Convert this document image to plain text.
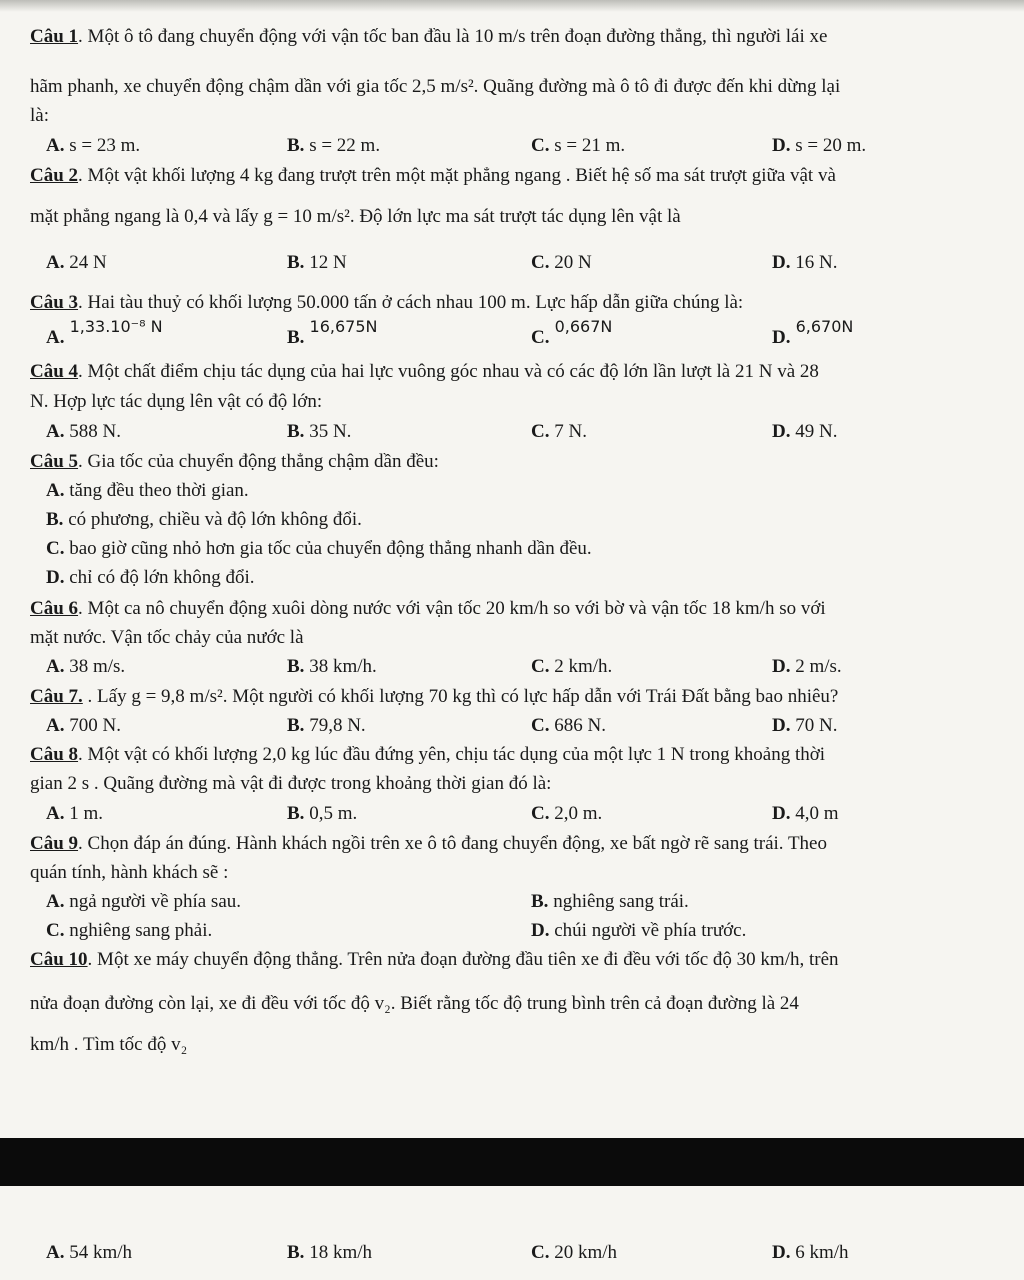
Câu 1. Một ô tô đang chuyển động với vận tốc ban đầu là 10 m/s trên đoạn đường thẳng, thì người lái xe
hãm phanh, xe chuyển động chậm dần với gia tốc 2,5 m/s². Quãng đường mà ô tô đi được đến khi dừng lại
là:
A. s = 23 m.	B. s = 22 m.	C. s = 21 m.	D. s = 20 m.
Câu 2. Một vật khối lượng 4 kg đang trượt trên một mặt phẳng ngang . Biết hệ số ma sát trượt giữa vật và
mặt phẳng ngang là 0,4 và lấy g = 10 m/s². Độ lớn lực ma sát trượt tác dụng lên vật là
A. 24 N	B. 12 N	C. 20 N	D. 16 N.
Câu 3. Hai tàu thuỷ có khối lượng 50.000 tấn ở cách nhau 100 m. Lực hấp dẫn giữa chúng là:
A. $^{1,33.10^{-8} N}$
B. $^{16,675N}$
C. $^{0,667N}$
D. $^{6,670N}$
Câu 4. Một chất điểm chịu tác dụng của hai lực vuông góc nhau và có các độ lớn lần lượt là 21 N và 28
N. Hợp lực tác dụng lên vật có độ lớn:
A. 588 N.	B. 35 N.	C. 7 N.	D. 49 N.
Câu 5. Gia tốc của chuyển động thẳng chậm dần đều:
A. tăng đều theo thời gian.
B. có phương, chiều và độ lớn không đổi.
C. bao giờ cũng nhỏ hơn gia tốc của chuyển động thẳng nhanh dần đều.
D. chỉ có độ lớn không đổi.
Câu 6. Một ca nô chuyển động xuôi dòng nước với vận tốc 20 km/h so với bờ và vận tốc 18 km/h so với
mặt nước. Vận tốc chảy của nước là
A. 38 m/s.	B. 38 km/h.	C. 2 km/h.	D. 2 m/s.
Câu 7. . Lấy g = 9,8 m/s². Một người có khối lượng 70 kg thì có lực hấp dẫn với Trái Đất bằng bao nhiêu?
A. 700 N.	B. 79,8 N.	C. 686 N.	D. 70 N.
Câu 8. Một vật có khối lượng 2,0 kg lúc đầu đứng yên, chịu tác dụng của một lực 1 N trong khoảng thời
gian 2 s . Quãng đường mà vật đi được trong khoảng thời gian đó là:
A. 1 m.	B. 0,5 m.	C. 2,0 m.	D. 4,0 m
Câu 9. Chọn đáp án đúng. Hành khách ngồi trên xe ô tô đang chuyển động, xe bất ngờ rẽ sang trái. Theo
quán tính, hành khách sẽ :
A. ngả người về phía sau.	B. nghiêng sang trái.
C. nghiêng sang phải.	D. chúi người về phía trước.
Câu 10. Một xe máy chuyển động thẳng. Trên nửa đoạn đường đầu tiên xe đi đều với tốc độ 30 km/h, trên
nửa đoạn đường còn lại, xe đi đều với tốc độ v₂. Biết rằng tốc độ trung bình trên cả đoạn đường là 24
km/h . Tìm tốc độ v₂
A. 54 km/h	B. 18 km/h	C. 20 km/h	D. 6 km/h
